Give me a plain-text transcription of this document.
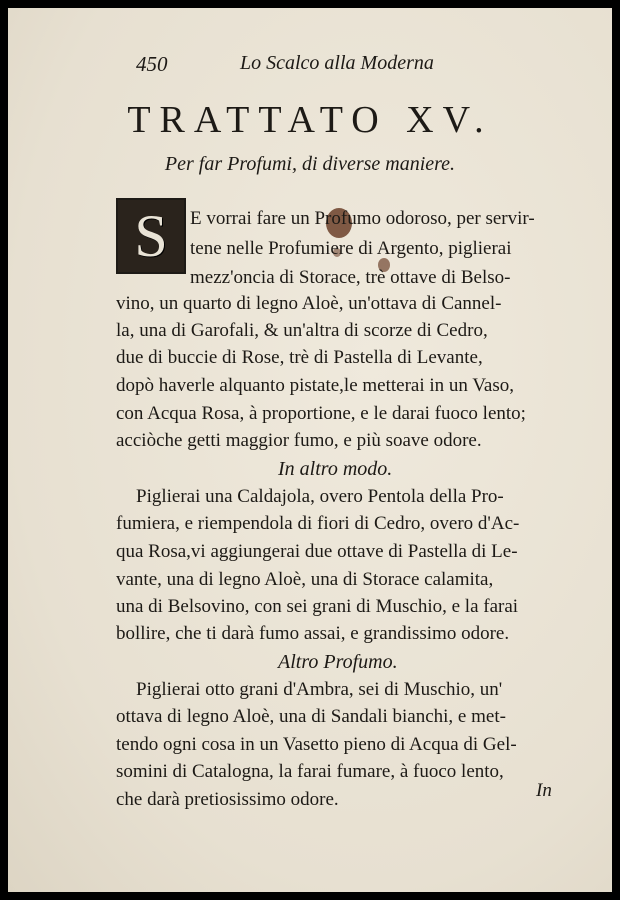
450	Lo Scalco alla Moderna
TRATTATO XV.
Per far Profumi, di diverse maniere.
S E vorrai fare un Profumo odoroso, per servir-
tene nelle Profumiere di Argento, piglierai
mezz'oncia di Storace, trè ottave di Belso-
vino, un quarto di legno Aloè, un'ottava di Cannel-
la, una di Garofali, & un'altra di scorze di Cedro,
due di buccie di Rose, trè di Pastella di Levante,
dopò haverle alquanto pistate,le metterai in un Vaso,
con Acqua Rosa, à proportione, e le darai fuoco lento;
acciòche getti maggior fumo, e più soave odore.
In altro modo.
Piglierai una Caldajola, overo Pentola della Pro-
fumiera, e riempendola di fiori di Cedro, overo d'Ac-
qua Rosa,vi aggiungerai due ottave di Pastella di Le-
vante, una di legno Aloè, una di Storace calamita,
una di Belsovino, con sei grani di Muschio, e la farai
bollire, che ti darà fumo assai, e grandissimo odore.
Altro Profumo.
Piglierai otto grani d'Ambra, sei di Muschio, un'
ottava di legno Aloè, una di Sandali bianchi, e met-
tendo ogni cosa in un Vasetto pieno di Acqua di Gel-
somini di Catalogna, la farai fumare, à fuoco lento,
che darà pretiosissimo odore.	In
